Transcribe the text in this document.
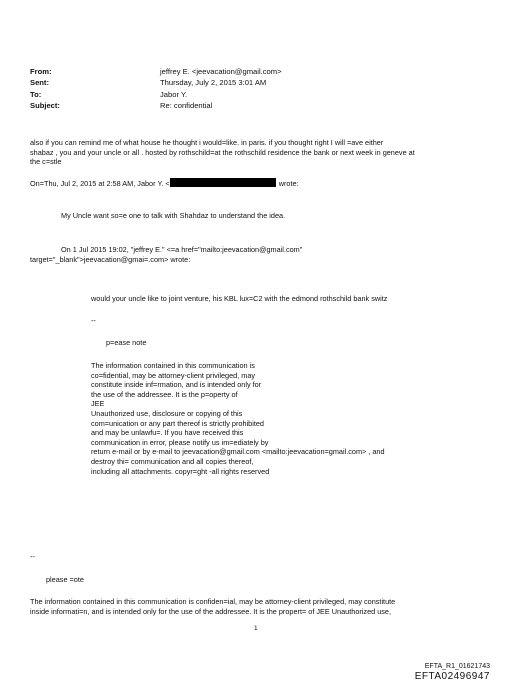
From:	jeffrey E. <jeevacation@gmail.com>
Sent:	Thursday, July 2, 2015 3:01 AM
To:	Jabor Y.
Subject:	Re: confidential
also if you can remind me of what house he thought i would=like. in paris. if you thought right I will =ave either
shabaz , you and your uncle or all . hosted by rothschild=at the rothschild residence the bank or next week in geneve at
the c=stle
On=Thu, Jul 2, 2015 at 2:58 AM, Jabor Y. <	wrote:
My Uncle want so=e one to talk with Shahdaz to understand the idea.
On 1 Jul 2015 19:02, "jeffrey E." <=a href="mailto:jeevacation@gmail.com"
target="_blank">jeevacation@gmai=.com> wrote:
would your uncle like to joint venture, his KBL lux=C2 with the edmond rothschild bank switz
--
p=ease note
The information contained in this communication is
co=fidential, may be attorney-client privileged, may
constitute inside inf=rmation, and is intended only for
the use of the addressee. It is the p=operty of
JEE
Unauthorized use, disclosure or copying of this
com=unication or any part thereof is strictly prohibited
and may be unlawfu=. If you have received this
communication in error, please notify us im=ediately by
return e-mail or by e-mail to jeevacation@gmail.com <mailto:jeevacation=gmail.com> , and
destroy thi= communication and all copies thereof,
including all attachments. copyr=ght -all rights reserved
--
please =ote
The information contained in this communication is confiden=ial, may be attorney-client privileged, may constitute
inside informati=n, and is intended only for the use of the addressee. It is the propert= of JEE Unauthorized use,
1
EFTA_R1_01621743
EFTA02496947
